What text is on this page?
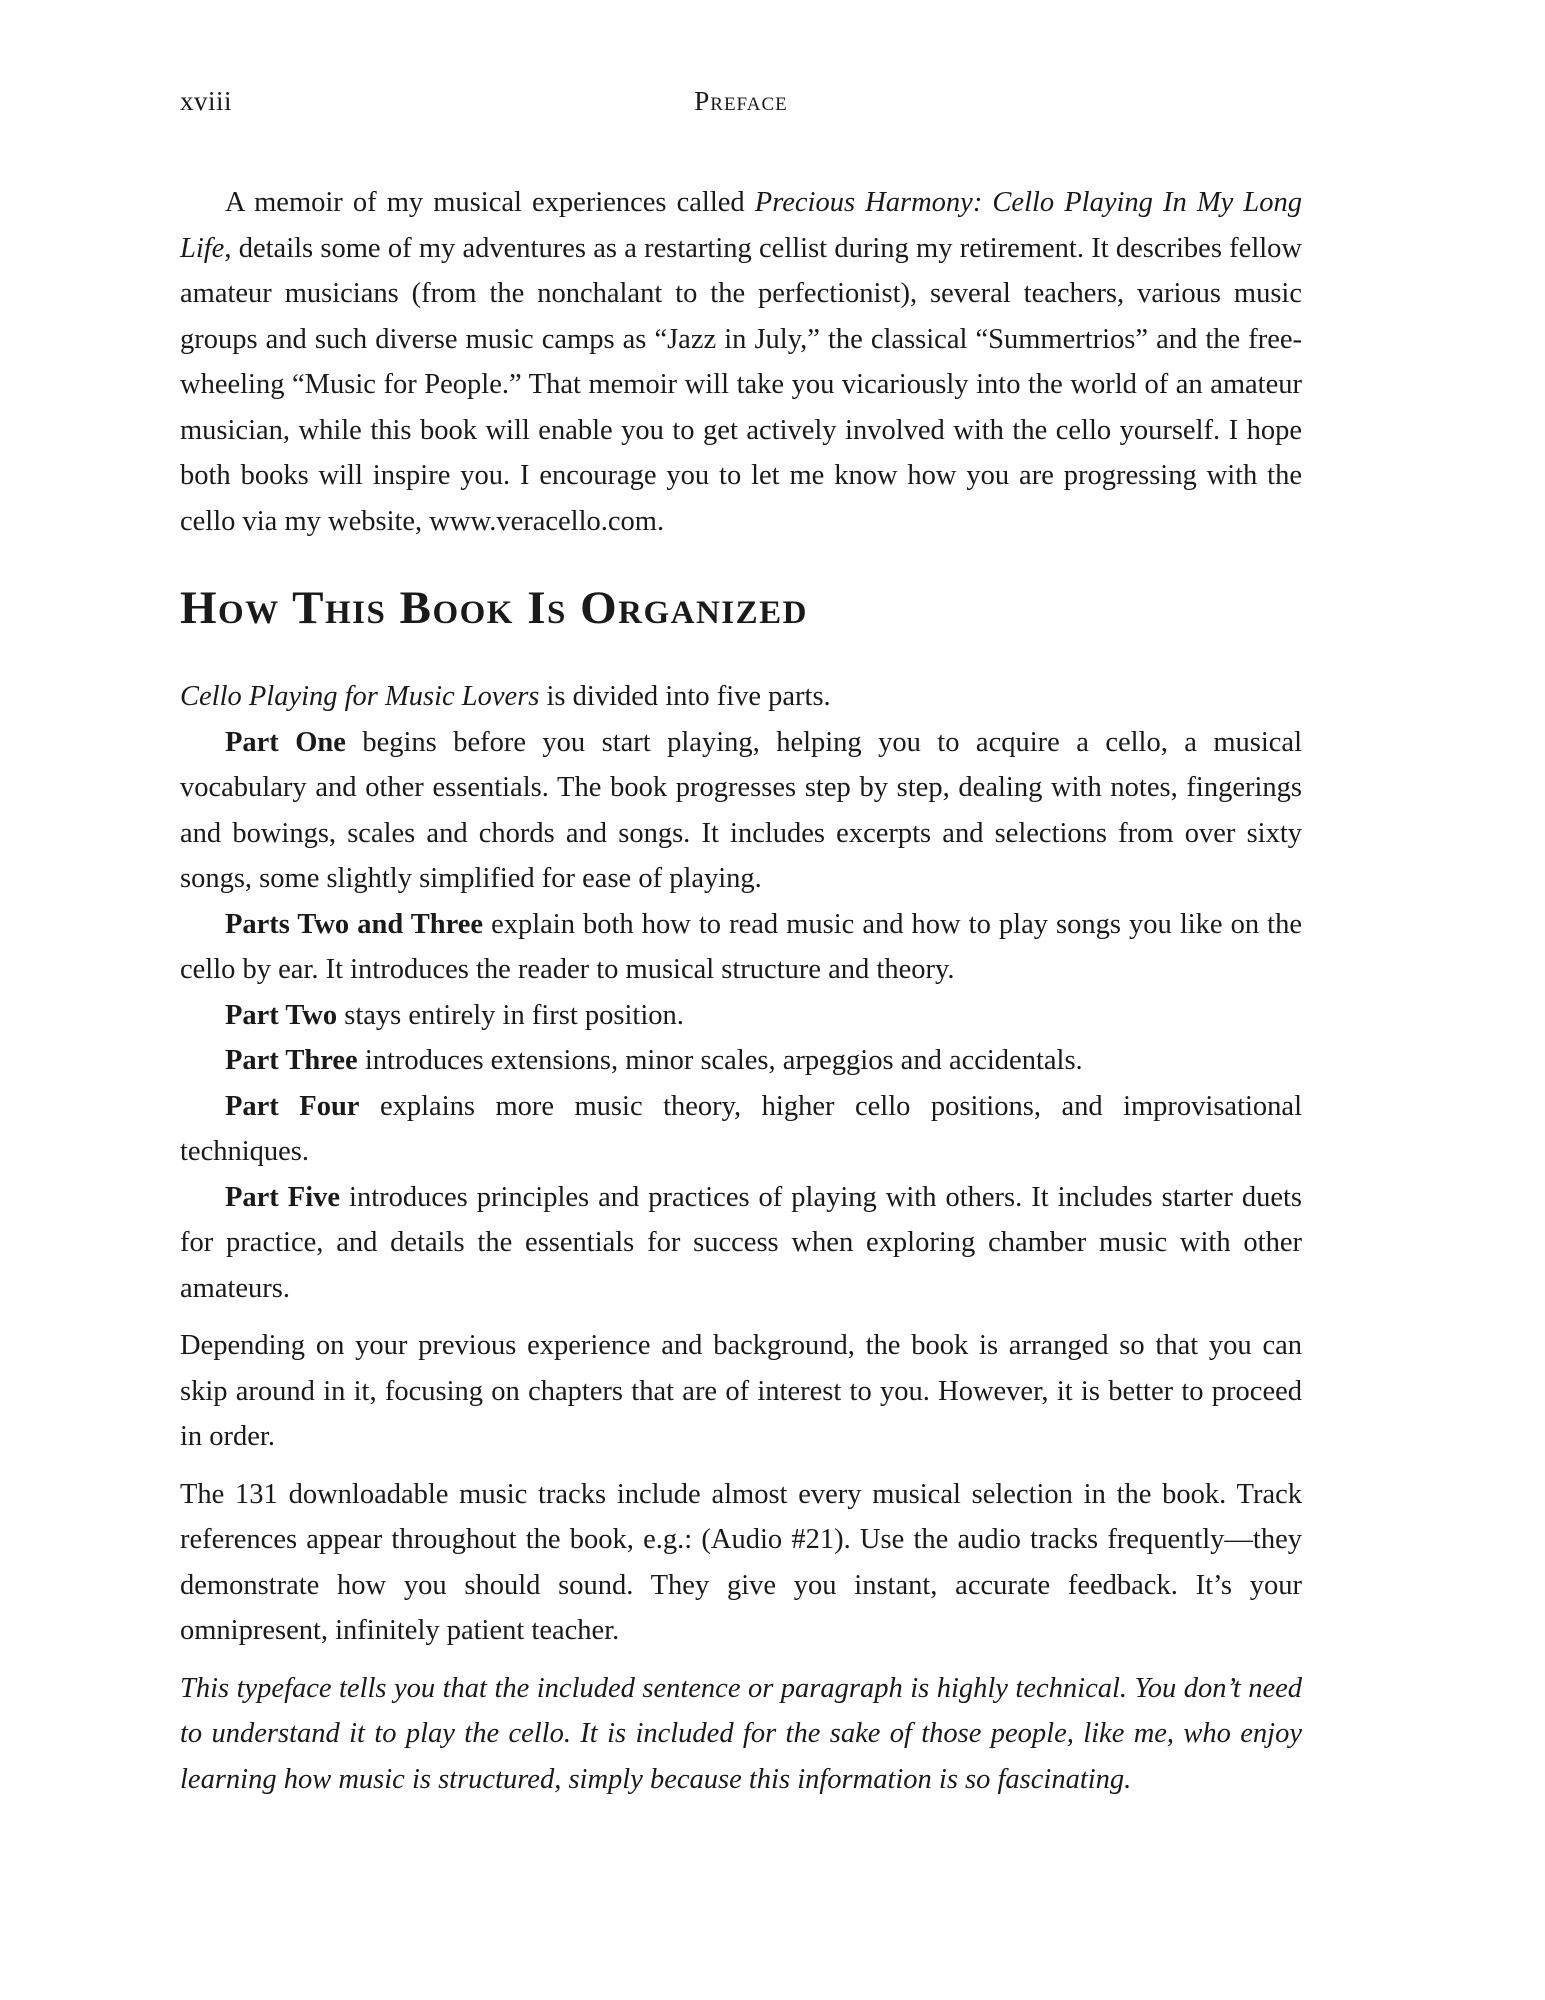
xviii	Preface

A memoir of my musical experiences called Precious Harmony: Cello Playing In My Long Life, details some of my adventures as a restarting cellist during my retirement. It describes fellow amateur musicians (from the nonchalant to the perfectionist), several teachers, various music groups and such diverse music camps as “Jazz in July,” the classical “Summertrios” and the free-wheeling “Music for People.” That memoir will take you vicariously into the world of an amateur musician, while this book will enable you to get actively involved with the cello yourself. I hope both books will inspire you. I encourage you to let me know how you are progressing with the cello via my website, www.veracello.com.

How This Book Is Organized

Cello Playing for Music Lovers is divided into five parts.

Part One begins before you start playing, helping you to acquire a cello, a musical vocabulary and other essentials. The book progresses step by step, dealing with notes, fingerings and bowings, scales and chords and songs. It includes excerpts and selections from over sixty songs, some slightly simplified for ease of playing.

Parts Two and Three explain both how to read music and how to play songs you like on the cello by ear. It introduces the reader to musical structure and theory.

Part Two stays entirely in first position.

Part Three introduces extensions, minor scales, arpeggios and accidentals.

Part Four explains more music theory, higher cello positions, and improvisational techniques.

Part Five introduces principles and practices of playing with others. It includes starter duets for practice, and details the essentials for success when exploring chamber music with other amateurs.

Depending on your previous experience and background, the book is arranged so that you can skip around in it, focusing on chapters that are of interest to you. However, it is better to proceed in order.

The 131 downloadable music tracks include almost every musical selection in the book. Track references appear throughout the book, e.g.: (Audio #21). Use the audio tracks frequently—they demonstrate how you should sound. They give you instant, accurate feedback. It’s your omnipresent, infinitely patient teacher.

This typeface tells you that the included sentence or paragraph is highly technical. You don’t need to understand it to play the cello. It is included for the sake of those people, like me, who enjoy learning how music is structured, simply because this information is so fascinating.
